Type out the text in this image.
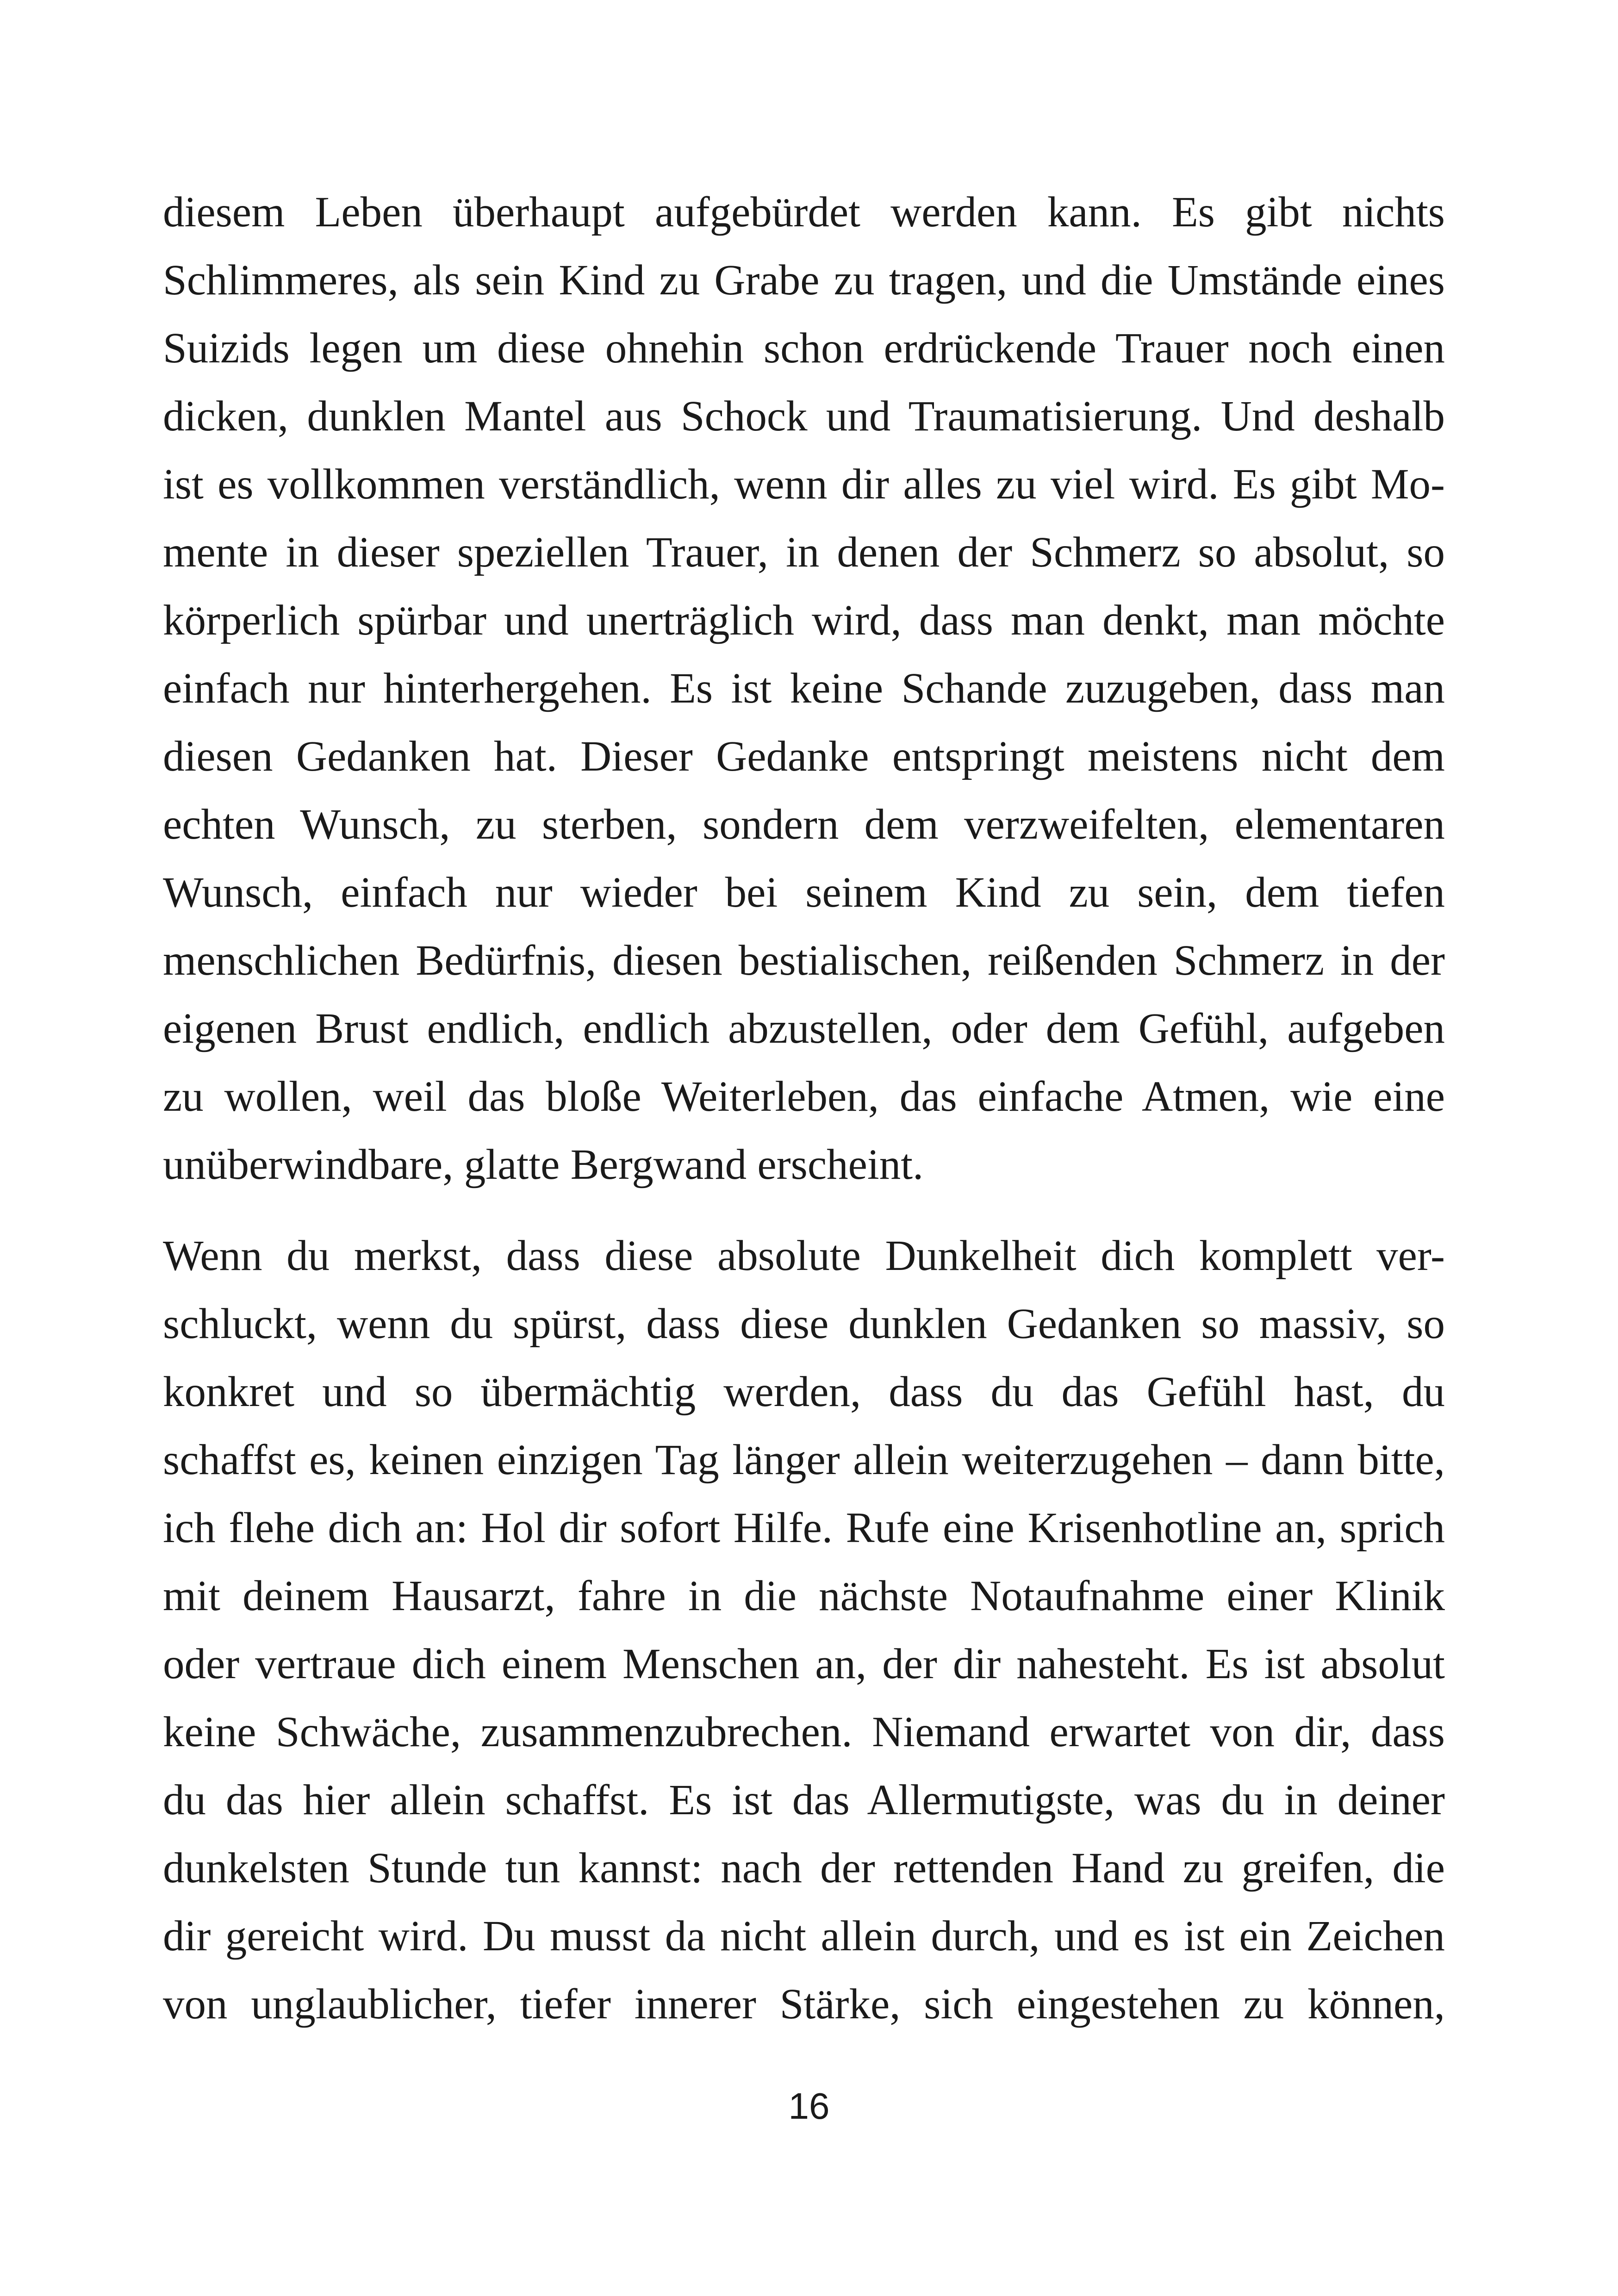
diesem Leben überhaupt aufgebürdet werden kann. Es gibt nichts
Schlimmeres, als sein Kind zu Grabe zu tragen, und die Umstände eines
Suizids legen um diese ohnehin schon erdrückende Trauer noch einen
dicken, dunklen Mantel aus Schock und Traumatisierung. Und deshalb
ist es vollkommen verständlich, wenn dir alles zu viel wird. Es gibt Mo-
mente in dieser speziellen Trauer, in denen der Schmerz so absolut, so
körperlich spürbar und unerträglich wird, dass man denkt, man möchte
einfach nur hinterhergehen. Es ist keine Schande zuzugeben, dass man
diesen Gedanken hat. Dieser Gedanke entspringt meistens nicht dem
echten Wunsch, zu sterben, sondern dem verzweifelten, elementaren
Wunsch, einfach nur wieder bei seinem Kind zu sein, dem tiefen
menschlichen Bedürfnis, diesen bestialischen, reißenden Schmerz in der
eigenen Brust endlich, endlich abzustellen, oder dem Gefühl, aufgeben
zu wollen, weil das bloße Weiterleben, das einfache Atmen, wie eine
unüberwindbare, glatte Bergwand erscheint.

Wenn du merkst, dass diese absolute Dunkelheit dich komplett ver-
schluckt, wenn du spürst, dass diese dunklen Gedanken so massiv, so
konkret und so übermächtig werden, dass du das Gefühl hast, du
schaffst es, keinen einzigen Tag länger allein weiterzugehen – dann bitte,
ich flehe dich an: Hol dir sofort Hilfe. Rufe eine Krisenhotline an, sprich
mit deinem Hausarzt, fahre in die nächste Notaufnahme einer Klinik
oder vertraue dich einem Menschen an, der dir nahesteht. Es ist absolut
keine Schwäche, zusammenzubrechen. Niemand erwartet von dir, dass
du das hier allein schaffst. Es ist das Allermutigste, was du in deiner
dunkelsten Stunde tun kannst: nach der rettenden Hand zu greifen, die
dir gereicht wird. Du musst da nicht allein durch, und es ist ein Zeichen
von unglaublicher, tiefer innerer Stärke, sich eingestehen zu können,

16
